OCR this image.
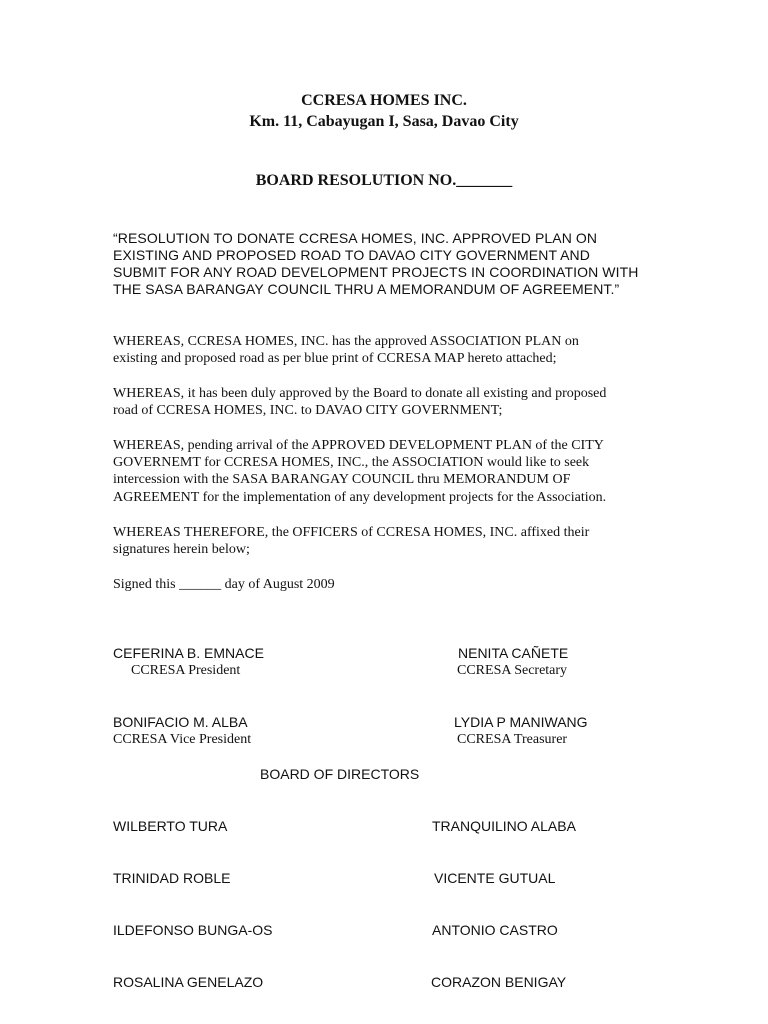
CCRESA HOMES INC.
Km. 11, Cabayugan I, Sasa, Davao City
BOARD RESOLUTION NO._______
“RESOLUTION TO DONATE CCRESA HOMES, INC. APPROVED PLAN ON
EXISTING AND PROPOSED ROAD TO DAVAO CITY GOVERNMENT AND
SUBMIT FOR ANY ROAD DEVELOPMENT PROJECTS IN COORDINATION WITH
THE SASA BARANGAY COUNCIL THRU A MEMORANDUM OF AGREEMENT.”
WHEREAS, CCRESA HOMES, INC. has the approved ASSOCIATION PLAN on
existing and proposed road as per blue print of CCRESA MAP hereto attached;
WHEREAS, it has been duly approved by the Board to donate all existing and proposed
road of CCRESA HOMES, INC. to DAVAO CITY GOVERNMENT;
WHEREAS, pending arrival of the APPROVED DEVELOPMENT PLAN of the CITY
GOVERNEMT for CCRESA HOMES, INC., the ASSOCIATION would like to seek
intercession with the SASA BARANGAY COUNCIL thru MEMORANDUM OF
AGREEMENT for the implementation of any development projects for the Association.
WHEREAS THEREFORE, the OFFICERS of CCRESA HOMES, INC. affixed their
signatures herein below;
Signed this ______ day of August 2009
CEFERINA B. EMNACE
CCRESA President
NENITA CAÑETE
CCRESA Secretary
BONIFACIO M. ALBA
CCRESA Vice President
LYDIA P MANIWANG
CCRESA Treasurer
BOARD OF DIRECTORS
WILBERTO TURA	TRANQUILINO ALABA
TRINIDAD ROBLE	VICENTE GUTUAL
ILDEFONSO BUNGA-OS	ANTONIO CASTRO
ROSALINA GENELAZO	CORAZON BENIGAY
